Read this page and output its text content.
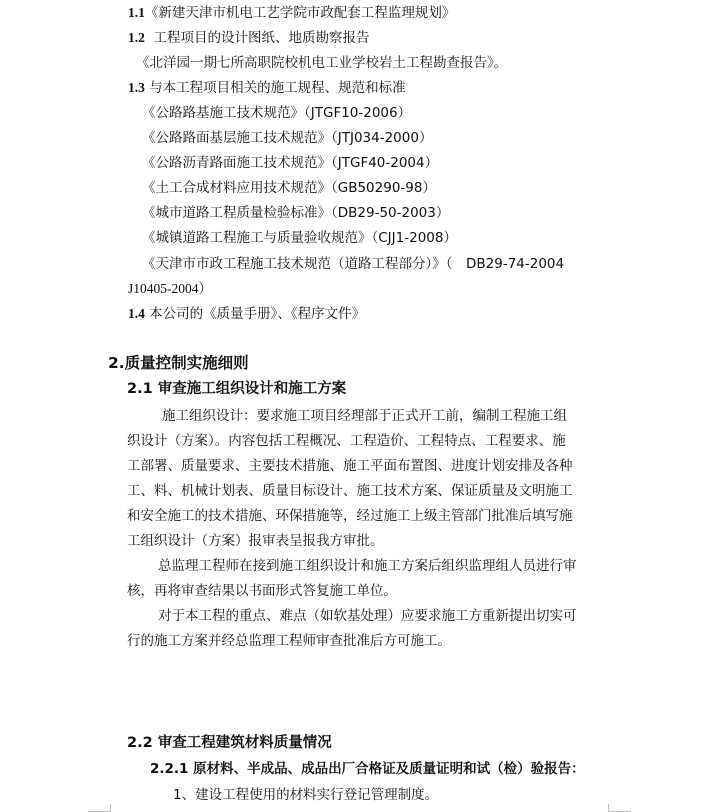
1.1《新建天津市机电工艺学院市政配套工程监理规划》
1.2 工程项目的设计图纸、地质勘察报告
《北洋园一期七所高职院校机电工业学校岩土工程勘查报告》。
1.3 与本工程项目相关的施工规程、规范和标准
《公路路基施工技术规范》（JTGF10-2006）
《公路路面基层施工技术规范》（JTJ034-2000）
《公路沥青路面施工技术规范》（JTGF40-2004）
《土工合成材料应用技术规范》（GB50290-98）
《城市道路工程质量检验标准》（DB29-50-2003）
《城镇道路工程施工与质量验收规范》（CJJ1-2008）
《天津市市政工程施工技术规范（道路工程部分）》（　DB29-74-2004
J10405-2004）
1.4 本公司的《质量手册》、《程序文件》
2.质量控制实施细则
2.1 审查施工组织设计和施工方案
施工组织设计：要求施工项目经理部于正式开工前，编制工程施工组
织设计（方案）。内容包括工程概况、工程造价、工程特点、工程要求、施
工部署、质量要求、主要技术措施、施工平面布置图、进度计划安排及各种
工、料、机械计划表、质量目标设计、施工技术方案、保证质量及文明施工
和安全施工的技术措施、环保措施等，经过施工上级主管部门批准后填写施
工组织设计（方案）报审表呈报我方审批。
总监理工程师在接到施工组织设计和施工方案后组织监理组人员进行审
核，再将审查结果以书面形式答复施工单位。
对于本工程的重点、难点（如软基处理）应要求施工方重新提出切实可
行的施工方案并经总监理工程师审查批准后方可施工。
2.2 审查工程建筑材料质量情况
2.2.1 原材料、半成品、成品出厂合格证及质量证明和试（检）验报告：
1、建设工程使用的材料实行登记管理制度。
